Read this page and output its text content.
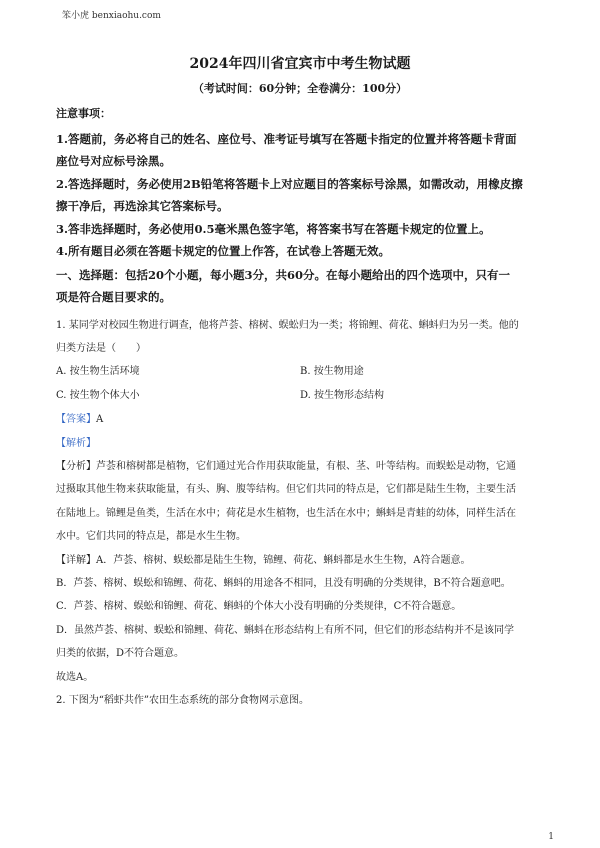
笨小虎 benxiaohu.com
2024年四川省宜宾市中考生物试题
（考试时间：60分钟；全卷满分：100分）
注意事项：

1.答题前，务必将自己的姓名、座位号、准考证号填写在答题卡指定的位置并将答题卡背面

座位号对应标号涂黑。

2.答选择题时，务必使用2B铅笔将答题卡上对应题目的答案标号涂黑，如需改动，用橡皮擦

擦干净后，再选涂其它答案标号。

3.答非选择题时，务必使用0.5毫米黑色签字笔，将答案书写在答题卡规定的位置上。

4.所有题目必须在答题卡规定的位置上作答，在试卷上答题无效。

一、选择题：包括20个小题，每小题3分，共60分。在每小题给出的四个选项中，只有一

项是符合题目要求的。

1. 某同学对校园生物进行调查，他将芦荟、榕树、蜈蚣归为一类；将锦鲤、荷花、蝌蚪归为另一类。他的

归类方法是（　　）

A. 按生物生活环境	B. 按生物用途
C. 按生物个体大小	D. 按生物形态结构
【答案】A
【解析】

【分析】芦荟和榕树都是植物，它们通过光合作用获取能量，有根、茎、叶等结构。而蜈蚣是动物，它通

过摄取其他生物来获取能量，有头、胸、腹等结构。但它们共同的特点是，它们都是陆生生物，主要生活

在陆地上。锦鲤是鱼类，生活在水中；荷花是水生植物，也生活在水中；蝌蚪是青蛙的幼体，同样生活在

水中。它们共同的特点是，都是水生生物。

【详解】A．芦荟、榕树、蜈蚣都是陆生生物，锦鲤、荷花、蝌蚪都是水生生物，A符合题意。

B．芦荟、榕树、蜈蚣和锦鲤、荷花、蝌蚪的用途各不相同，且没有明确的分类规律，B不符合题意吧。

C．芦荟、榕树、蜈蚣和锦鲤、荷花、蝌蚪的个体大小没有明确的分类规律，C不符合题意。

D．虽然芦荟、榕树、蜈蚣和锦鲤、荷花、蝌蚪在形态结构上有所不同，但它们的形态结构并不是该同学

归类的依据，D不符合题意。

故选A。

2. 下图为“稻虾共作”农田生态系统的部分食物网示意图。

1
